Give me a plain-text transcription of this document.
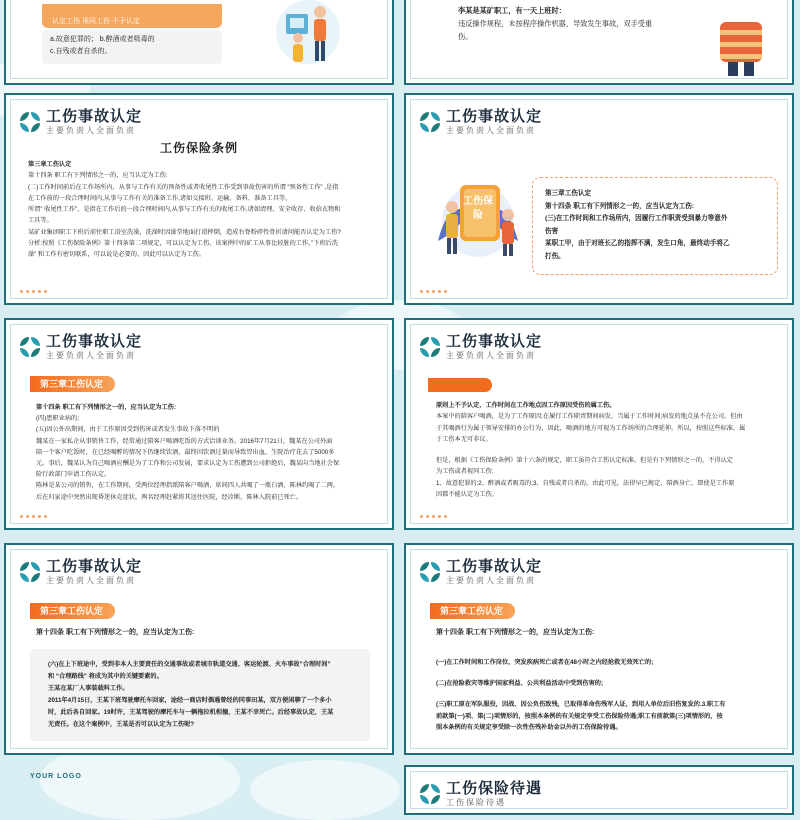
认定工伤 视同工伤 不予认定

a.故意犯罪的； b.醉酒或者吸毒的

c.自残或者自杀的。

李某是某矿职工，有一天上班时：

违反操作规程，未按程序操作机器，导致发生事故，双手受重

伤。

工伤事故认定
主要负责人全面负责
工伤保险条例

第三章工伤认定

第十四条 职工有下列情形之一的，应当认定为工伤:

(二)工作时间前后在工作场所内，从事与工作有关的预备性或者收尾性工作受到事故伤害的所谓 “预备性工作” ,是指

在工作前的一段合理时间内,从事与工作有关的准备工作,诸如交接班、运输、备料、准备工具等。

所谓” 收尾性工作”，是指在工作后的一段合理时间内,从事与工作有关的收尾工作,诸如清理、安全收存、收拾衣物和

工具等。

某矿业集团职工下班后前往职工浴室洗澡，洗澡时因澡堂地面打滑摔倒，造成右脊粉碎性骨折请问能否认定为工伤?

分析:按照《工伤保险条例》第十四条第二项规定，可以认定为工伤。该案例中的矿工从事比较脏的工作，”下班后洗

澡” 和工作有密切联系，可以说是必要的，因此可以认定为工伤。

工伤事故认定
主要负责人全面负责
工伤保险

第三章工伤认定

第十四条 职工有下列情形之一的，应当认定为工伤:

(三)在工作时间和工作场所内，因履行工作职责受到暴力等意外

伤害

某职工甲，由于对班长乙的指挥不满，发生口角，最终动手将乙

打伤。

工伤事故认定
主要负责人全面负责
第三章工伤认定

第十四条 职工有下列情形之一的，应当认定为工伤:

(四)患职业病的;

(五)因公外出期间，由于工作原因受到伤害或者发生事故下落不明的

魏某在一家私企从事销售工作，经常通过陪客户喝酒吃饭的方式洽谈业务。2016年7月21日，魏某在公司外面

陪一个客户吃饭时，在已经喝醉的情况下仍继续饮酒，最终因饮酒过量而导致胃出血，生院治疗花去了5000多

元。事后，魏某认为自己喝酒应酬是为了工作和公司发展，要求认定为工伤遭到公司拒绝后，魏某向当地社会保

险行政部门申请工伤认定。

陈林是某公司的销售，在工作期间，受两位经理指派陪客户喝酒，席间四人共喝了一瓶白酒，陈林约喝了二两，

后在归家途中突然出现昏迷休克症状，两名经理赶紧将其送往医院，经诊断，陈林入院前已死亡。

工伤事故认定
主要负责人全面负责

原则上不予认定，工作时间在工作地点因工作原因受伤的属工伤。

本案中的陪客户喝酒，是为了工作原因;在履行工作职责期间病发，当属于工作时间;病发的地点虽不在公司，但由

于其喝酒行为属于领导安排的办公行为，因此，喝酒的地方可视为工作场所的合理延伸。所以，按照这些标准，属

于工伤本无可非议。

但是，根据《工伤保险条例》第十六条的规定，职工虽符合工伤认定标准，但是有下列情形之一的，不得认定

为工伤或者视同工伤:

1、故意犯罪的;2、醉酒或者吸毒的;3、自残或者自杀的。由此可见，法律早已规定，陪酒身亡，即使是工作原

因都不能认定为工伤。

工伤事故认定
主要负责人全面负责
第三章工伤认定
第十四条 职工有下列情形之一的，应当认定为工伤:

(六)在上下班途中，受到非本人主要责任的交通事故或者城市轨道交通、客运轮渡、火车事故”合理时间”

和 “合理路线” 将成为其中的关键要素的。

王某在某厂人事装载科工作。

2011年4月15日，王某下班驾驶摩托车回家，途经一商店时偶遇曾经的同事田某，双方便闲聊了一个多小

时，此后各自回家。19时许，王某驾驶的摩托车与一辆拖拉机相撞，王某不幸死亡。后经事故认定，王某

无责任。在这个案例中，王某是否可以认定为工伤呢?

工伤事故认定
主要负责人全面负责
第三章工伤认定
第十四条 职工有下列情形之一的，应当认定为工伤:

(一)在工作时间和工作岗位，突发疾病死亡或者在48小时之内经抢救无效死亡的;

(二)在抢险救灾等维护国家利益、公共利益活动中受到伤害的;

(三)职工原在军队服役，因战、因公负伤致残，已取得革命伤残军人证，到用人单位后旧伤复发的.3.职工有

前款第(一)项、第(二)项情形的，按照本条例的有关规定享受工伤保险待遇;职工有前款第(三)项情形的，按

照本条例的有关规定享受除一次性伤残补助金以外的工伤保险待遇。

YOUR LOGO
工伤保险待遇
工伤保险待遇
